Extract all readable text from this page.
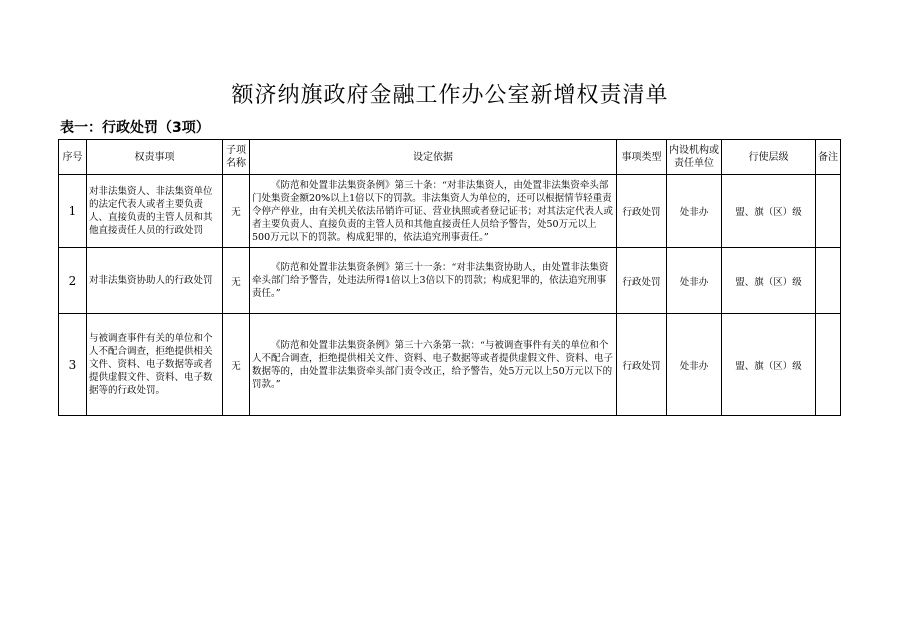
额济纳旗政府金融工作办公室新增权责清单
表一：行政处罚（3项）
序号	权责事项	子项名称	设定依据	事项类型	内设机构或责任单位	行使层级	备注
1	对非法集资人、非法集资单位的法定代表人或者主要负责人、直接负责的主管人员和其他直接责任人员的行政处罚	无	《防范和处置非法集资条例》第三十条：“对非法集资人，由处置非法集资牵头部门处集资金额20%以上1倍以下的罚款。非法集资人为单位的，还可以根据情节轻重责令停产停业，由有关机关依法吊销许可证、营业执照或者登记证书；对其法定代表人或者主要负责人、直接负责的主管人员和其他直接责任人员给予警告，处50万元以上500万元以下的罚款。构成犯罪的，依法追究刑事责任。”	行政处罚	处非办	盟、旗（区）级	
2	对非法集资协助人的行政处罚	无	《防范和处置非法集资条例》第三十一条：“对非法集资协助人，由处置非法集资牵头部门给予警告，处违法所得1倍以上3倍以下的罚款；构成犯罪的，依法追究刑事责任。”	行政处罚	处非办	盟、旗（区）级	
3	与被调查事件有关的单位和个人不配合调查，拒绝提供相关文件、资料、电子数据等或者提供虚假文件、资料、电子数据等的行政处罚。	无	《防范和处置非法集资条例》第三十六条第一款：“与被调查事件有关的单位和个人不配合调查，拒绝提供相关文件、资料、电子数据等或者提供虚假文件、资料、电子数据等的，由处置非法集资牵头部门责令改正，给予警告，处5万元以上50万元以下的罚款。”	行政处罚	处非办	盟、旗（区）级	
